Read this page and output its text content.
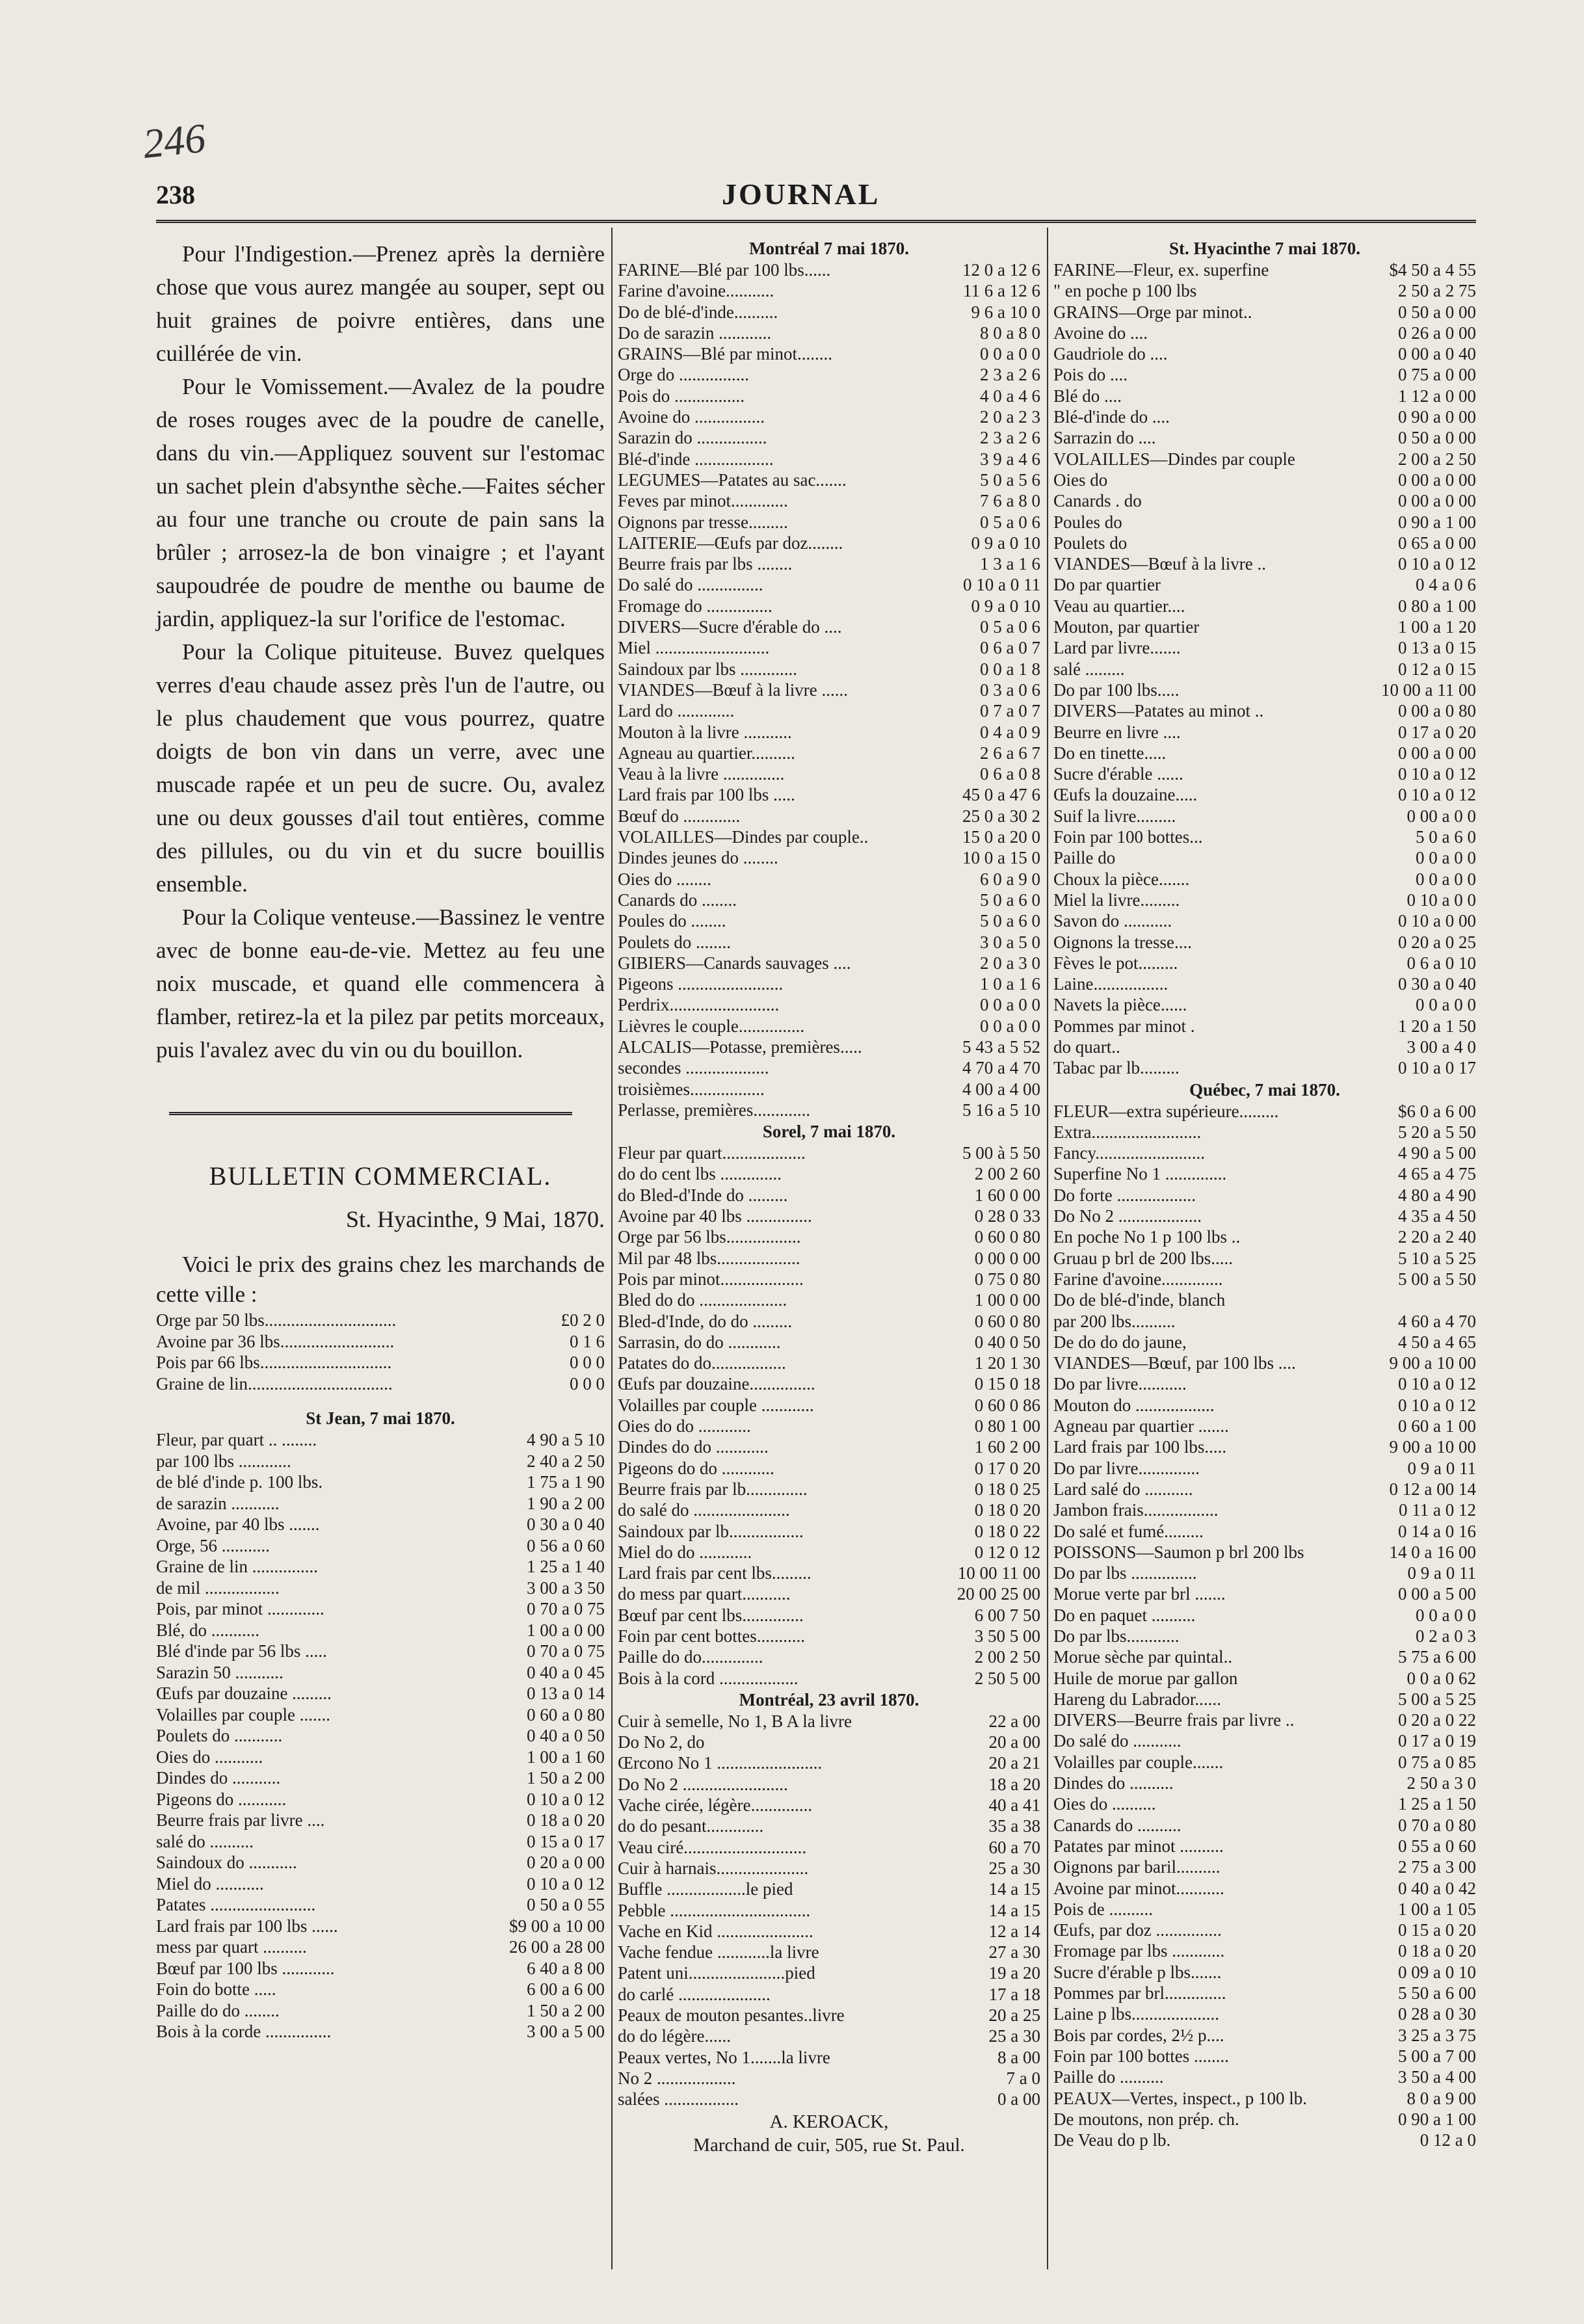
246
238	JOURNAL

Pour l'Indigestion.—Prenez après la dernière chose que vous aurez mangée au souper, sept ou huit graines de poivre entières, dans une cuillérée de vin.

Pour le Vomissement.—Avalez de la poudre de roses rouges avec de la poudre de canelle, dans du vin.—Appliquez souvent sur l'estomac un sachet plein d'absynthe sèche.—Faites sécher au four une tranche ou croute de pain sans la brûler ; arrosez-la de bon vinaigre ; et l'ayant saupoudrée de poudre de menthe ou baume de jardin, appliquez-la sur l'orifice de l'estomac.

Pour la Colique pituiteuse. Buvez quelques verres d'eau chaude assez près l'un de l'autre, ou le plus chaudement que vous pourrez, quatre doigts de bon vin dans un verre, avec une muscade rapée et un peu de sucre. Ou, avalez une ou deux gousses d'ail tout entières, comme des pillules, ou du vin et du sucre bouillis ensemble.

Pour la Colique venteuse.—Bassinez le ventre avec de bonne eau-de-vie. Mettez au feu une noix muscade, et quand elle commencera à flamber, retirez-la et la pilez par petits morceaux, puis l'avalez avec du vin ou du bouillon.

BULLETIN COMMERCIAL.
St. Hyacinthe, 9 Mai, 1870.
Voici le prix des grains chez les marchands de cette ville :
Orge par 50 lbs..............................	£0 2 0
Avoine par 36 lbs..........................	0 1 6
Pois par 66 lbs..............................	0 0 0
Graine de lin.................................	0 0 0
St Jean, 7 mai 1870.
Fleur, par quart .. ........	4 90 a 5 10
par 100 lbs ............	2 40 a 2 50
de blé d'inde p. 100 lbs.	1 75 a 1 90
de sarazin ...........	1 90 a 2 00
Avoine, par 40 lbs .......	0 30 a 0 40
Orge, 56 ...........	0 56 a 0 60
Graine de lin ...............	1 25 a 1 40
de mil .................	3 00 a 3 50
Pois, par minot .............	0 70 a 0 75
Blé, do ...........	1 00 a 0 00
Blé d'inde par 56 lbs .....	0 70 a 0 75
Sarazin 50 ...........	0 40 a 0 45
Œufs par douzaine .........	0 13 a 0 14
Volailles par couple .......	0 60 a 0 80
Poulets do ...........	0 40 a 0 50
Oies do ...........	1 00 a 1 60
Dindes do ...........	1 50 a 2 00
Pigeons do ...........	0 10 a 0 12
Beurre frais par livre ....	0 18 a 0 20
salé do ..........	0 15 a 0 17
Saindoux do ...........	0 20 a 0 00
Miel do ...........	0 10 a 0 12
Patates ........................	0 50 a 0 55
Lard frais par 100 lbs ......	$9 00 a 10 00
mess par quart ..........	26 00 a 28 00
Bœuf par 100 lbs ............	6 40 a 8 00
Foin do botte .....	6 00 a 6 00
Paille do do ........	1 50 a 2 00
Bois à la corde ...............	3 00 a 5 00
Montréal 7 mai 1870.
FARINE—Blé par 100 lbs......	12 0 a 12 6
Farine d'avoine...........	11 6 a 12 6
Do de blé-d'inde..........	9 6 a 10 0
Do de sarazin ............	8 0 a 8 0
GRAINS—Blé par minot........	0 0 a 0 0
Orge do ................	2 3 a 2 6
Pois do ................	4 0 a 4 6
Avoine do ................	2 0 a 2 3
Sarazin do ................	2 3 a 2 6
Blé-d'inde ..................	3 9 a 4 6
LEGUMES—Patates au sac.......	5 0 a 5 6
Feves par minot.............	7 6 a 8 0
Oignons par tresse.........	0 5 a 0 6
LAITERIE—Œufs par doz........	0 9 a 0 10
Beurre frais par lbs ........	1 3 a 1 6
Do salé do ...............	0 10 a 0 11
Fromage do ...............	0 9 a 0 10
DIVERS—Sucre d'érable do ....	0 5 a 0 6
Miel ..........................	0 6 a 0 7
Saindoux par lbs .............	0 0 a 1 8
VIANDES—Bœuf à la livre ......	0 3 a 0 6
Lard do .............	0 7 a 0 7
Mouton à la livre ...........	0 4 a 0 9
Agneau au quartier..........	2 6 a 6 7
Veau à la livre ..............	0 6 a 0 8
Lard frais par 100 lbs .....	45 0 a 47 6
Bœuf do .............	25 0 a 30 2
VOLAILLES—Dindes par couple..	15 0 a 20 0
Dindes jeunes do ........	10 0 a 15 0
Oies do ........	6 0 a 9 0
Canards do ........	5 0 a 6 0
Poules do ........	5 0 a 6 0
Poulets do ........	3 0 a 5 0
GIBIERS—Canards sauvages ....	2 0 a 3 0
Pigeons ........................	1 0 a 1 6
Perdrix.........................	0 0 a 0 0
Lièvres le couple...............	0 0 a 0 0
ALCALIS—Potasse, premières.....	5 43 a 5 52
secondes ...................	4 70 a 4 70
troisièmes.................	4 00 a 4 00
Perlasse, premières.............	5 16 a 5 10
Sorel, 7 mai 1870.
Fleur par quart...................	5 00 à 5 50
do do cent lbs ..............	2 00 2 60
do Bled-d'Inde do .........	1 60 0 00
Avoine par 40 lbs ...............	0 28 0 33
Orge par 56 lbs.................	0 60 0 80
Mil par 48 lbs...................	0 00 0 00
Pois par minot...................	0 75 0 80
Bled do do ....................	1 00 0 00
Bled-d'Inde, do do .........	0 60 0 80
Sarrasin, do do ............	0 40 0 50
Patates do do.................	1 20 1 30
Œufs par douzaine...............	0 15 0 18
Volailles par couple ............	0 60 0 86
Oies do do ............	0 80 1 00
Dindes do do ............	1 60 2 00
Pigeons do do ............	0 17 0 20
Beurre frais par lb..............	0 18 0 25
do salé do ......................	0 18 0 20
Saindoux par lb.................	0 18 0 22
Miel do do ............	0 12 0 12
Lard frais par cent lbs.........	10 00 11 00
do mess par quart...........	20 00 25 00
Bœuf par cent lbs..............	6 00 7 50
Foin par cent bottes...........	3 50 5 00
Paille do do..............	2 00 2 50
Bois à la cord ..................	2 50 5 00
Montréal, 23 avril 1870.
Cuir à semelle, No 1, B A la livre	22 a 00
Do No 2, do	20 a 00
Œrcono No 1 ........................	20 a 21
Do No 2 ........................	18 a 20
Vache cirée, légère..............	40 a 41
do do pesant.............	35 a 38
Veau ciré............................	60 a 70
Cuir à harnais.....................	25 a 30
Buffle ..................le pied	14 a 15
Pebble ................................	14 a 15
Vache en Kid ......................	12 a 14
Vache fendue ............la livre	27 a 30
Patent uni......................pied	19 a 20
do carlé .....................	17 a 18
Peaux de mouton pesantes..livre	20 a 25
do do légère......	25 a 30
Peaux vertes, No 1.......la livre	8 a 00
No 2 ..................	7 a 0
salées .................	0 a 00
A. KEROACK,
Marchand de cuir, 505, rue St. Paul.
St. Hyacinthe 7 mai 1870.
FARINE—Fleur, ex. superfine	$4 50 a 4 55
" en poche p 100 lbs	2 50 a 2 75
GRAINS—Orge par minot..	0 50 a 0 00
Avoine do ....	0 26 a 0 00
Gaudriole do ....	0 00 a 0 40
Pois do ....	0 75 a 0 00
Blé do ....	1 12 a 0 00
Blé-d'inde do ....	0 90 a 0 00
Sarrazin do ....	0 50 a 0 00
VOLAILLES—Dindes par couple	2 00 a 2 50
Oies do	0 00 a 0 00
Canards . do	0 00 a 0 00
Poules do	0 90 a 1 00
Poulets do	0 65 a 0 00
VIANDES—Bœuf à la livre ..	0 10 a 0 12
Do par quartier	0 4 a 0 6
Veau au quartier....	0 80 a 1 00
Mouton, par quartier	1 00 a 1 20
Lard par livre.......	0 13 a 0 15
salé .........	0 12 a 0 15
Do par 100 lbs.....	10 00 a 11 00
DIVERS—Patates au minot ..	0 00 a 0 80
Beurre en livre ....	0 17 a 0 20
Do en tinette.....	0 00 a 0 00
Sucre d'érable ......	0 10 a 0 12
Œufs la douzaine.....	0 10 a 0 12
Suif la livre.........	0 00 a 0 0
Foin par 100 bottes...	5 0 a 6 0
Paille do	0 0 a 0 0
Choux la pièce.......	0 0 a 0 0
Miel la livre.........	0 10 a 0 0
Savon do ...........	0 10 a 0 00
Oignons la tresse....	0 20 a 0 25
Fèves le pot.........	0 6 a 0 10
Laine.................	0 30 a 0 40
Navets la pièce......	0 0 a 0 0
Pommes par minot .	1 20 a 1 50
do quart..	3 00 a 4 0
Tabac par lb.........	0 10 a 0 17
Québec, 7 mai 1870.
FLEUR—extra supérieure.........	$6 0 a 6 00
Extra.........................	5 20 a 5 50
Fancy.........................	4 90 a 5 00
Superfine No 1 ..............	4 65 a 4 75
Do forte ..................	4 80 a 4 90
Do No 2 ...................	4 35 a 4 50
En poche No 1 p 100 lbs ..	2 20 a 2 40
Gruau p brl de 200 lbs.....	5 10 a 5 25
Farine d'avoine..............	5 00 a 5 50
Do de blé-d'inde, blanch
par 200 lbs..........	4 60 a 4 70
De do do do jaune,	4 50 a 4 65
VIANDES—Bœuf, par 100 lbs ....	9 00 a 10 00
Do par livre...........	0 10 a 0 12
Mouton do ..................	0 10 a 0 12
Agneau par quartier .......	0 60 a 1 00
Lard frais par 100 lbs.....	9 00 a 10 00
Do par livre..............	0 9 a 0 11
Lard salé do ...........	0 12 a 00 14
Jambon frais.................	0 11 a 0 12
Do salé et fumé.........	0 14 a 0 16
POISSONS—Saumon p brl 200 lbs	14 0 a 16 00
Do par lbs ...............	0 9 a 0 11
Morue verte par brl .......	0 00 a 5 00
Do en paquet ..........	0 0 a 0 0
Do par lbs............	0 2 a 0 3
Morue sèche par quintal..	5 75 a 6 00
Huile de morue par gallon	0 0 a 0 62
Hareng du Labrador......	5 00 a 5 25
DIVERS—Beurre frais par livre ..	0 20 a 0 22
Do salé do ...........	0 17 a 0 19
Volailles par couple.......	0 75 a 0 85
Dindes do ..........	2 50 a 3 0
Oies do ..........	1 25 a 1 50
Canards do ..........	0 70 a 0 80
Patates par minot ..........	0 55 a 0 60
Oignons par baril..........	2 75 a 3 00
Avoine par minot...........	0 40 a 0 42
Pois de ..........	1 00 a 1 05
Œufs, par doz ...............	0 15 a 0 20
Fromage par lbs ............	0 18 a 0 20
Sucre d'érable p lbs.......	0 09 a 0 10
Pommes par brl..............	5 50 a 6 00
Laine p lbs....................	0 28 a 0 30
Bois par cordes, 2½ p....	3 25 a 3 75
Foin par 100 bottes ........	5 00 a 7 00
Paille do ..........	3 50 a 4 00
PEAUX—Vertes, inspect., p 100 lb.	8 0 a 9 00
De moutons, non prép. ch.	0 90 a 1 00
De Veau do p lb.	0 12 a 0
